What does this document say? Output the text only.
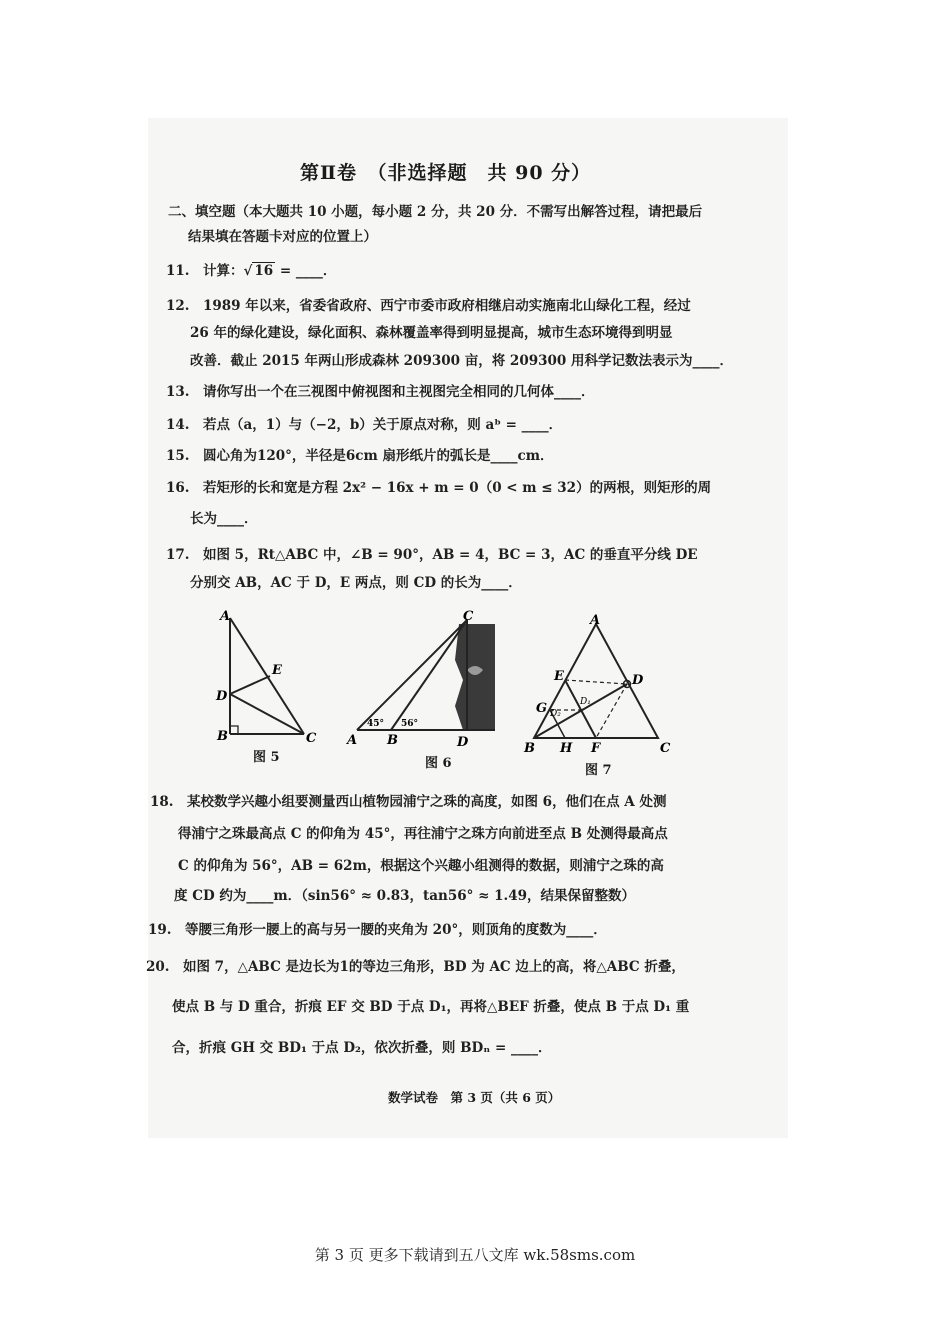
第Ⅱ卷　（非选择题　共 90 分）
二、填空题（本大题共 10 小题，每小题 2 分，共 20 分．不需写出解答过程，请把最后
结果填在答题卡对应的位置上）
11.　计算：√ 16 = ____．
12.　1989 年以来，省委省政府、西宁市委市政府相继启动实施南北山绿化工程，经过
26 年的绿化建设，绿化面积、森林覆盖率得到明显提高，城市生态环境得到明显
改善．截止 2015 年两山形成森林 209300 亩，将 209300 用科学记数法表示为____．
13.　请你写出一个在三视图中俯视图和主视图完全相同的几何体____．
14.　若点（a，1）与（−2，b）关于原点对称，则 aᵇ = ____．
15.　圆心角为120°，半径是6cm 扇形纸片的弧长是____cm．
16.　若矩形的长和宽是方程 2x² − 16x + m = 0（0 < m ≤ 32）的两根，则矩形的周
长为____．
17.　如图 5，Rt△ABC 中，∠B = 90°，AB = 4，BC = 3，AC 的垂直平分线 DE
分别交 AB，AC 于 D，E 两点，则 CD 的长为____．
A
E
D
B	C
图 5
C
A B	D
45° 56°
图 6
A
E	D
G D₂
D₁
B H F	C
图 7
18.　某校数学兴趣小组要测量西山植物园浦宁之珠的高度，如图 6，他们在点 A 处测
得浦宁之珠最高点 C 的仰角为 45°，再往浦宁之珠方向前进至点 B 处测得最高点
C 的仰角为 56°，AB = 62m，根据这个兴趣小组测得的数据，则浦宁之珠的高
度 CD 约为____m．（sin56° ≈ 0.83，tan56° ≈ 1.49，结果保留整数）
19.　等腰三角形一腰上的高与另一腰的夹角为 20°，则顶角的度数为____．
20.　如图 7，△ABC 是边长为1的等边三角形，BD 为 AC 边上的高，将△ABC 折叠，
使点 B 与 D 重合，折痕 EF 交 BD 于点 D₁，再将△BEF 折叠，使点 B 于点 D₁ 重
合，折痕 GH 交 BD₁ 于点 D₂，依次折叠，则 BDₙ = ____．
数学试卷　第 3 页（共 6 页）
第 3 页 更多下载请到五八文库 wk.58sms.com
